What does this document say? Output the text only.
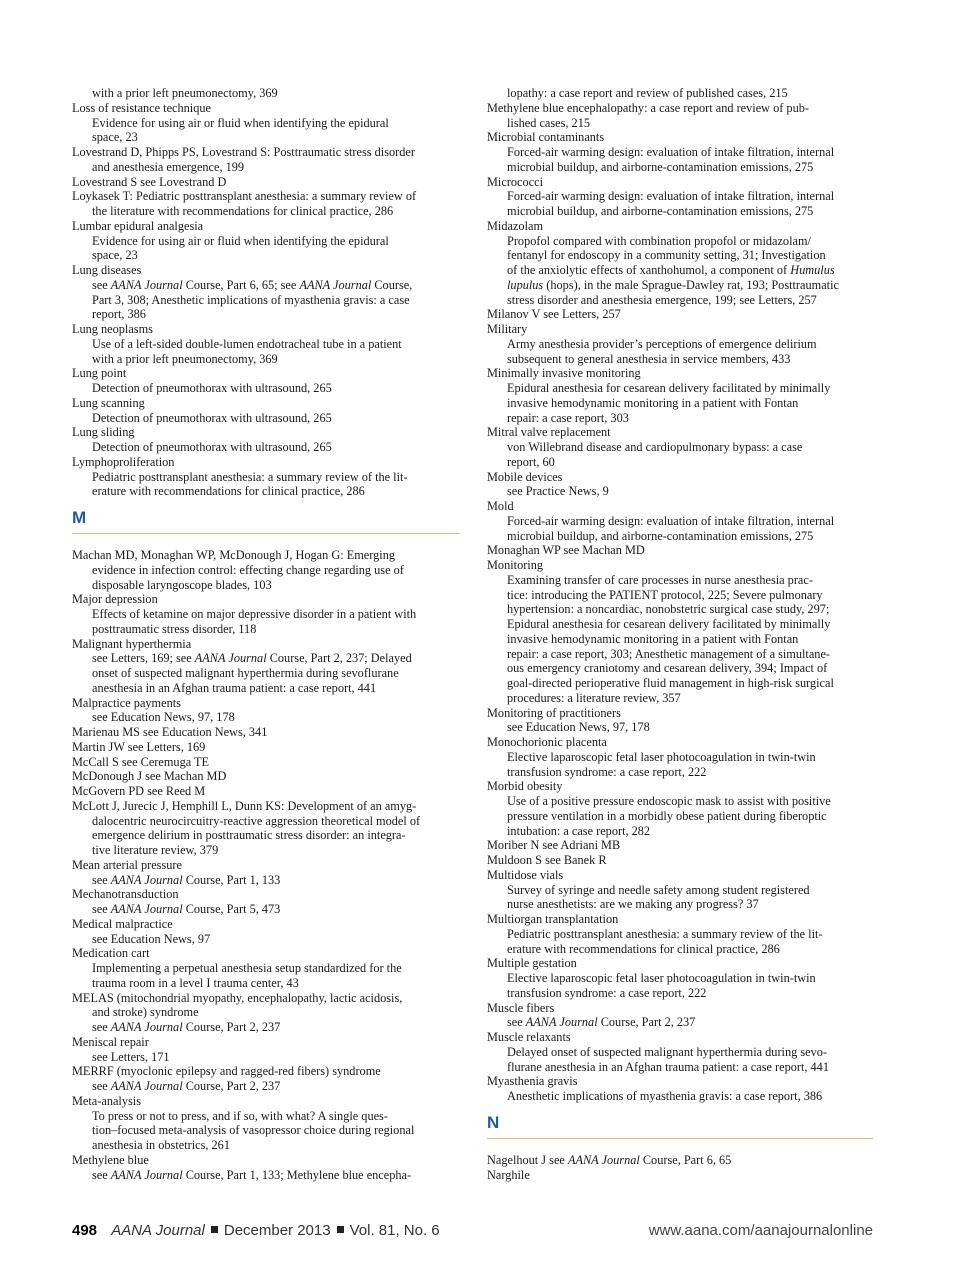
with a prior left pneumonectomy, 369
Loss of resistance technique
Evidence for using air or fluid when identifying the epidural
space, 23
Lovestrand D, Phipps PS, Lovestrand S: Posttraumatic stress disorder
and anesthesia emergence, 199
Lovestrand S see Lovestrand D
Loykasek T: Pediatric posttransplant anesthesia: a summary review of
the literature with recommendations for clinical practice, 286
Lumbar epidural analgesia
Evidence for using air or fluid when identifying the epidural
space, 23
Lung diseases
see AANA Journal Course, Part 6, 65; see AANA Journal Course,
Part 3, 308; Anesthetic implications of myasthenia gravis: a case
report, 386
Lung neoplasms
Use of a left-sided double-lumen endotracheal tube in a patient
with a prior left pneumonectomy, 369
Lung point
Detection of pneumothorax with ultrasound, 265
Lung scanning
Detection of pneumothorax with ultrasound, 265
Lung sliding
Detection of pneumothorax with ultrasound, 265
Lymphoproliferation
Pediatric posttransplant anesthesia: a summary review of the lit-
erature with recommendations for clinical practice, 286
M
Machan MD, Monaghan WP, McDonough J, Hogan G: Emerging
evidence in infection control: effecting change regarding use of
disposable laryngoscope blades, 103
Major depression
Effects of ketamine on major depressive disorder in a patient with
posttraumatic stress disorder, 118
Malignant hyperthermia
see Letters, 169; see AANA Journal Course, Part 2, 237; Delayed
onset of suspected malignant hyperthermia during sevoflurane
anesthesia in an Afghan trauma patient: a case report, 441
Malpractice payments
see Education News, 97, 178
Marienau MS see Education News, 341
Martin JW see Letters, 169
McCall S see Ceremuga TE
McDonough J see Machan MD
McGovern PD see Reed M
McLott J, Jurecic J, Hemphill L, Dunn KS: Development of an amyg-
dalocentric neurocircuitry-reactive aggression theoretical model of
emergence delirium in posttraumatic stress disorder: an integra-
tive literature review, 379
Mean arterial pressure
see AANA Journal Course, Part 1, 133
Mechanotransduction
see AANA Journal Course, Part 5, 473
Medical malpractice
see Education News, 97
Medication cart
Implementing a perpetual anesthesia setup standardized for the
trauma room in a level I trauma center, 43
MELAS (mitochondrial myopathy, encephalopathy, lactic acidosis,
and stroke) syndrome
see AANA Journal Course, Part 2, 237
Meniscal repair
see Letters, 171
MERRF (myoclonic epilepsy and ragged-red fibers) syndrome
see AANA Journal Course, Part 2, 237
Meta-analysis
To press or not to press, and if so, with what? A single ques-
tion–focused meta-analysis of vasopressor choice during regional
anesthesia in obstetrics, 261
Methylene blue
see AANA Journal Course, Part 1, 133; Methylene blue encepha-
lopathy: a case report and review of published cases, 215
Methylene blue encephalopathy: a case report and review of pub-
lished cases, 215
Microbial contaminants
Forced-air warming design: evaluation of intake filtration, internal
microbial buildup, and airborne-contamination emissions, 275
Micrococci
Forced-air warming design: evaluation of intake filtration, internal
microbial buildup, and airborne-contamination emissions, 275
Midazolam
Propofol compared with combination propofol or midazolam/
fentanyl for endoscopy in a community setting, 31; Investigation
of the anxiolytic effects of xanthohumol, a component of Humulus
lupulus (hops), in the male Sprague-Dawley rat, 193; Posttraumatic
stress disorder and anesthesia emergence, 199; see Letters, 257
Milanov V see Letters, 257
Military
Army anesthesia provider’s perceptions of emergence delirium
subsequent to general anesthesia in service members, 433
Minimally invasive monitoring
Epidural anesthesia for cesarean delivery facilitated by minimally
invasive hemodynamic monitoring in a patient with Fontan
repair: a case report, 303
Mitral valve replacement
von Willebrand disease and cardiopulmonary bypass: a case
report, 60
Mobile devices
see Practice News, 9
Mold
Forced-air warming design: evaluation of intake filtration, internal
microbial buildup, and airborne-contamination emissions, 275
Monaghan WP see Machan MD
Monitoring
Examining transfer of care processes in nurse anesthesia prac-
tice: introducing the PATIENT protocol, 225; Severe pulmonary
hypertension: a noncardiac, nonobstetric surgical case study, 297;
Epidural anesthesia for cesarean delivery facilitated by minimally
invasive hemodynamic monitoring in a patient with Fontan
repair: a case report, 303; Anesthetic management of a simultane-
ous emergency craniotomy and cesarean delivery, 394; Impact of
goal-directed perioperative fluid management in high-risk surgical
procedures: a literature review, 357
Monitoring of practitioners
see Education News, 97, 178
Monochorionic placenta
Elective laparoscopic fetal laser photocoagulation in twin-twin
transfusion syndrome: a case report, 222
Morbid obesity
Use of a positive pressure endoscopic mask to assist with positive
pressure ventilation in a morbidly obese patient during fiberoptic
intubation: a case report, 282
Moriber N see Adriani MB
Muldoon S see Banek R
Multidose vials
Survey of syringe and needle safety among student registered
nurse anesthetists: are we making any progress? 37
Multiorgan transplantation
Pediatric posttransplant anesthesia: a summary review of the lit-
erature with recommendations for clinical practice, 286
Multiple gestation
Elective laparoscopic fetal laser photocoagulation in twin-twin
transfusion syndrome: a case report, 222
Muscle fibers
see AANA Journal Course, Part 2, 237
Muscle relaxants
Delayed onset of suspected malignant hyperthermia during sevo-
flurane anesthesia in an Afghan trauma patient: a case report, 441
Myasthenia gravis
Anesthetic implications of myasthenia gravis: a case report, 386
N
Nagelhout J see AANA Journal Course, Part 6, 65
Narghile
498 AANA Journal December 2013 Vol. 81, No. 6	www.aana.com/aanajournalonline
